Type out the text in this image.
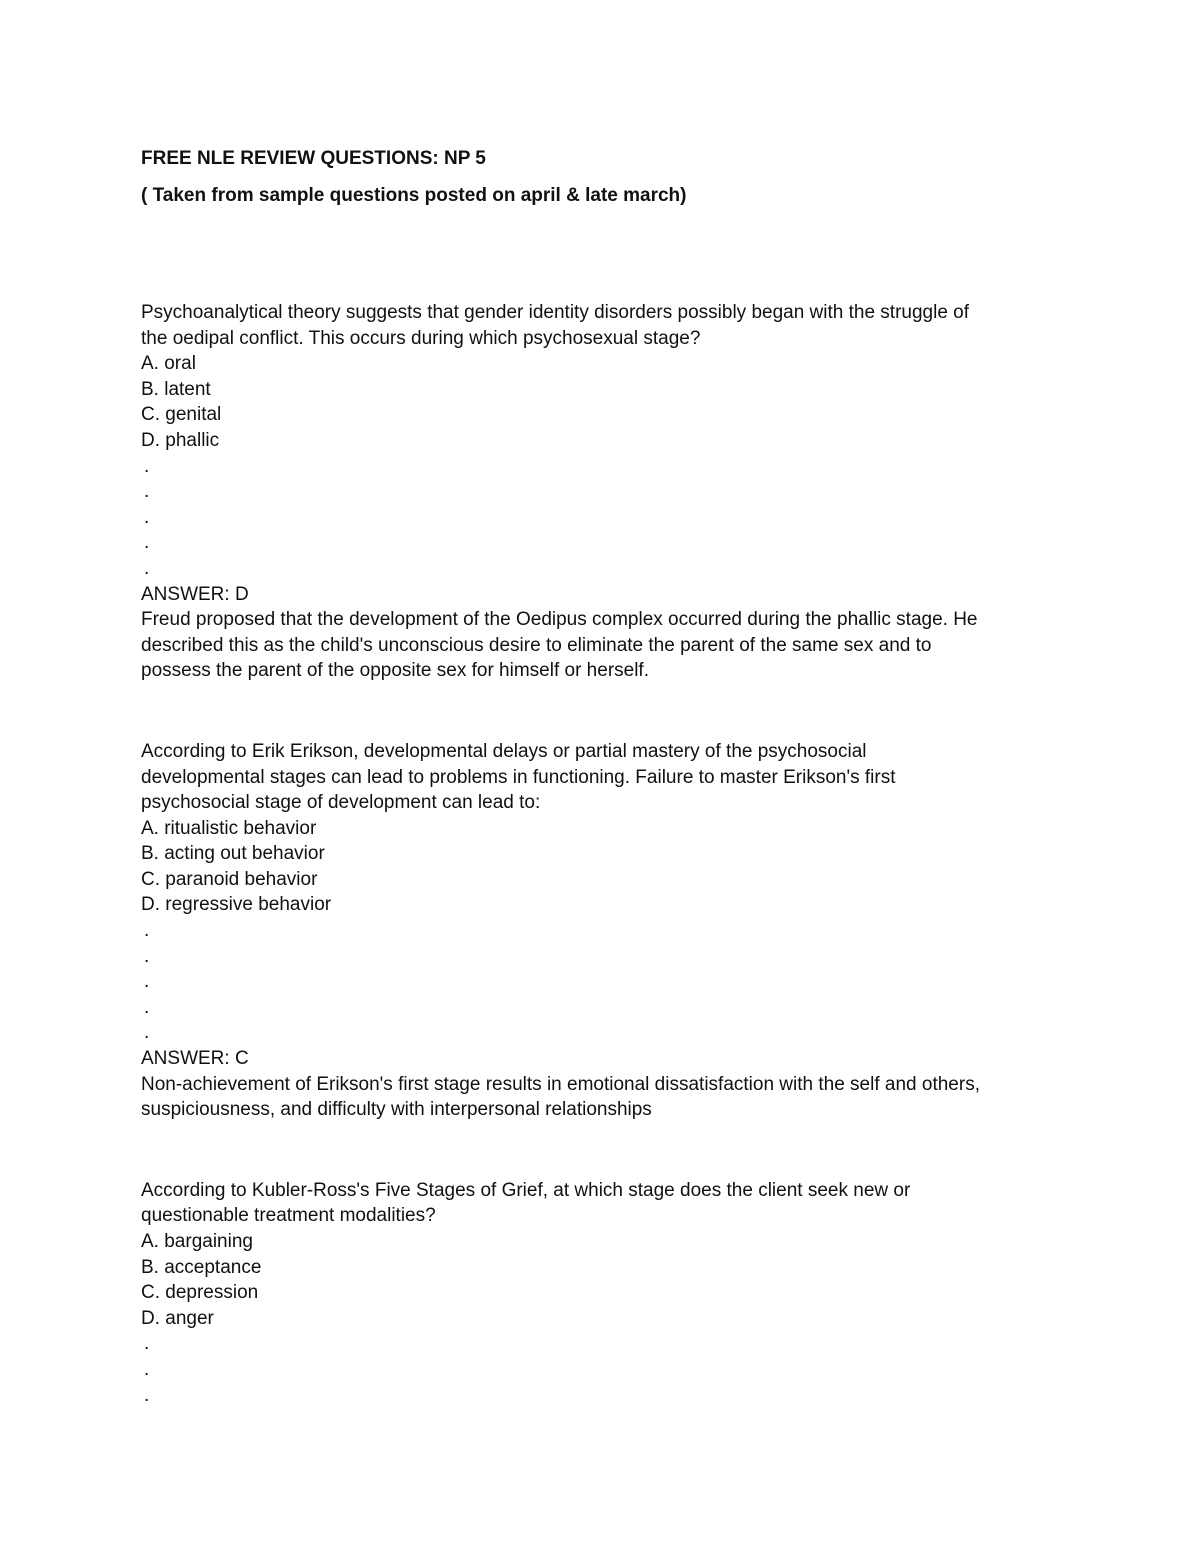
FREE NLE REVIEW QUESTIONS: NP 5

( Taken from sample questions posted on april & late march)

Psychoanalytical theory suggests that gender identity disorders possibly began with the struggle of

the oedipal conflict. This occurs during which psychosexual stage?

A. oral

B. latent

C. genital

D. phallic

.

.

.

.

.

ANSWER: D

Freud proposed that the development of the Oedipus complex occurred during the phallic stage. He

described this as the child's unconscious desire to eliminate the parent of the same sex and to

possess the parent of the opposite sex for himself or herself.

According to Erik Erikson, developmental delays or partial mastery of the psychosocial

developmental stages can lead to problems in functioning. Failure to master Erikson's first

psychosocial stage of development can lead to:

A. ritualistic behavior

B. acting out behavior

C. paranoid behavior

D. regressive behavior

.

.

.

.

.

ANSWER: C

Non-achievement of Erikson's first stage results in emotional dissatisfaction with the self and others,

suspiciousness, and difficulty with interpersonal relationships

According to Kubler-Ross's Five Stages of Grief, at which stage does the client seek new or

questionable treatment modalities?

A. bargaining

B. acceptance

C. depression

D. anger

.

.

.
